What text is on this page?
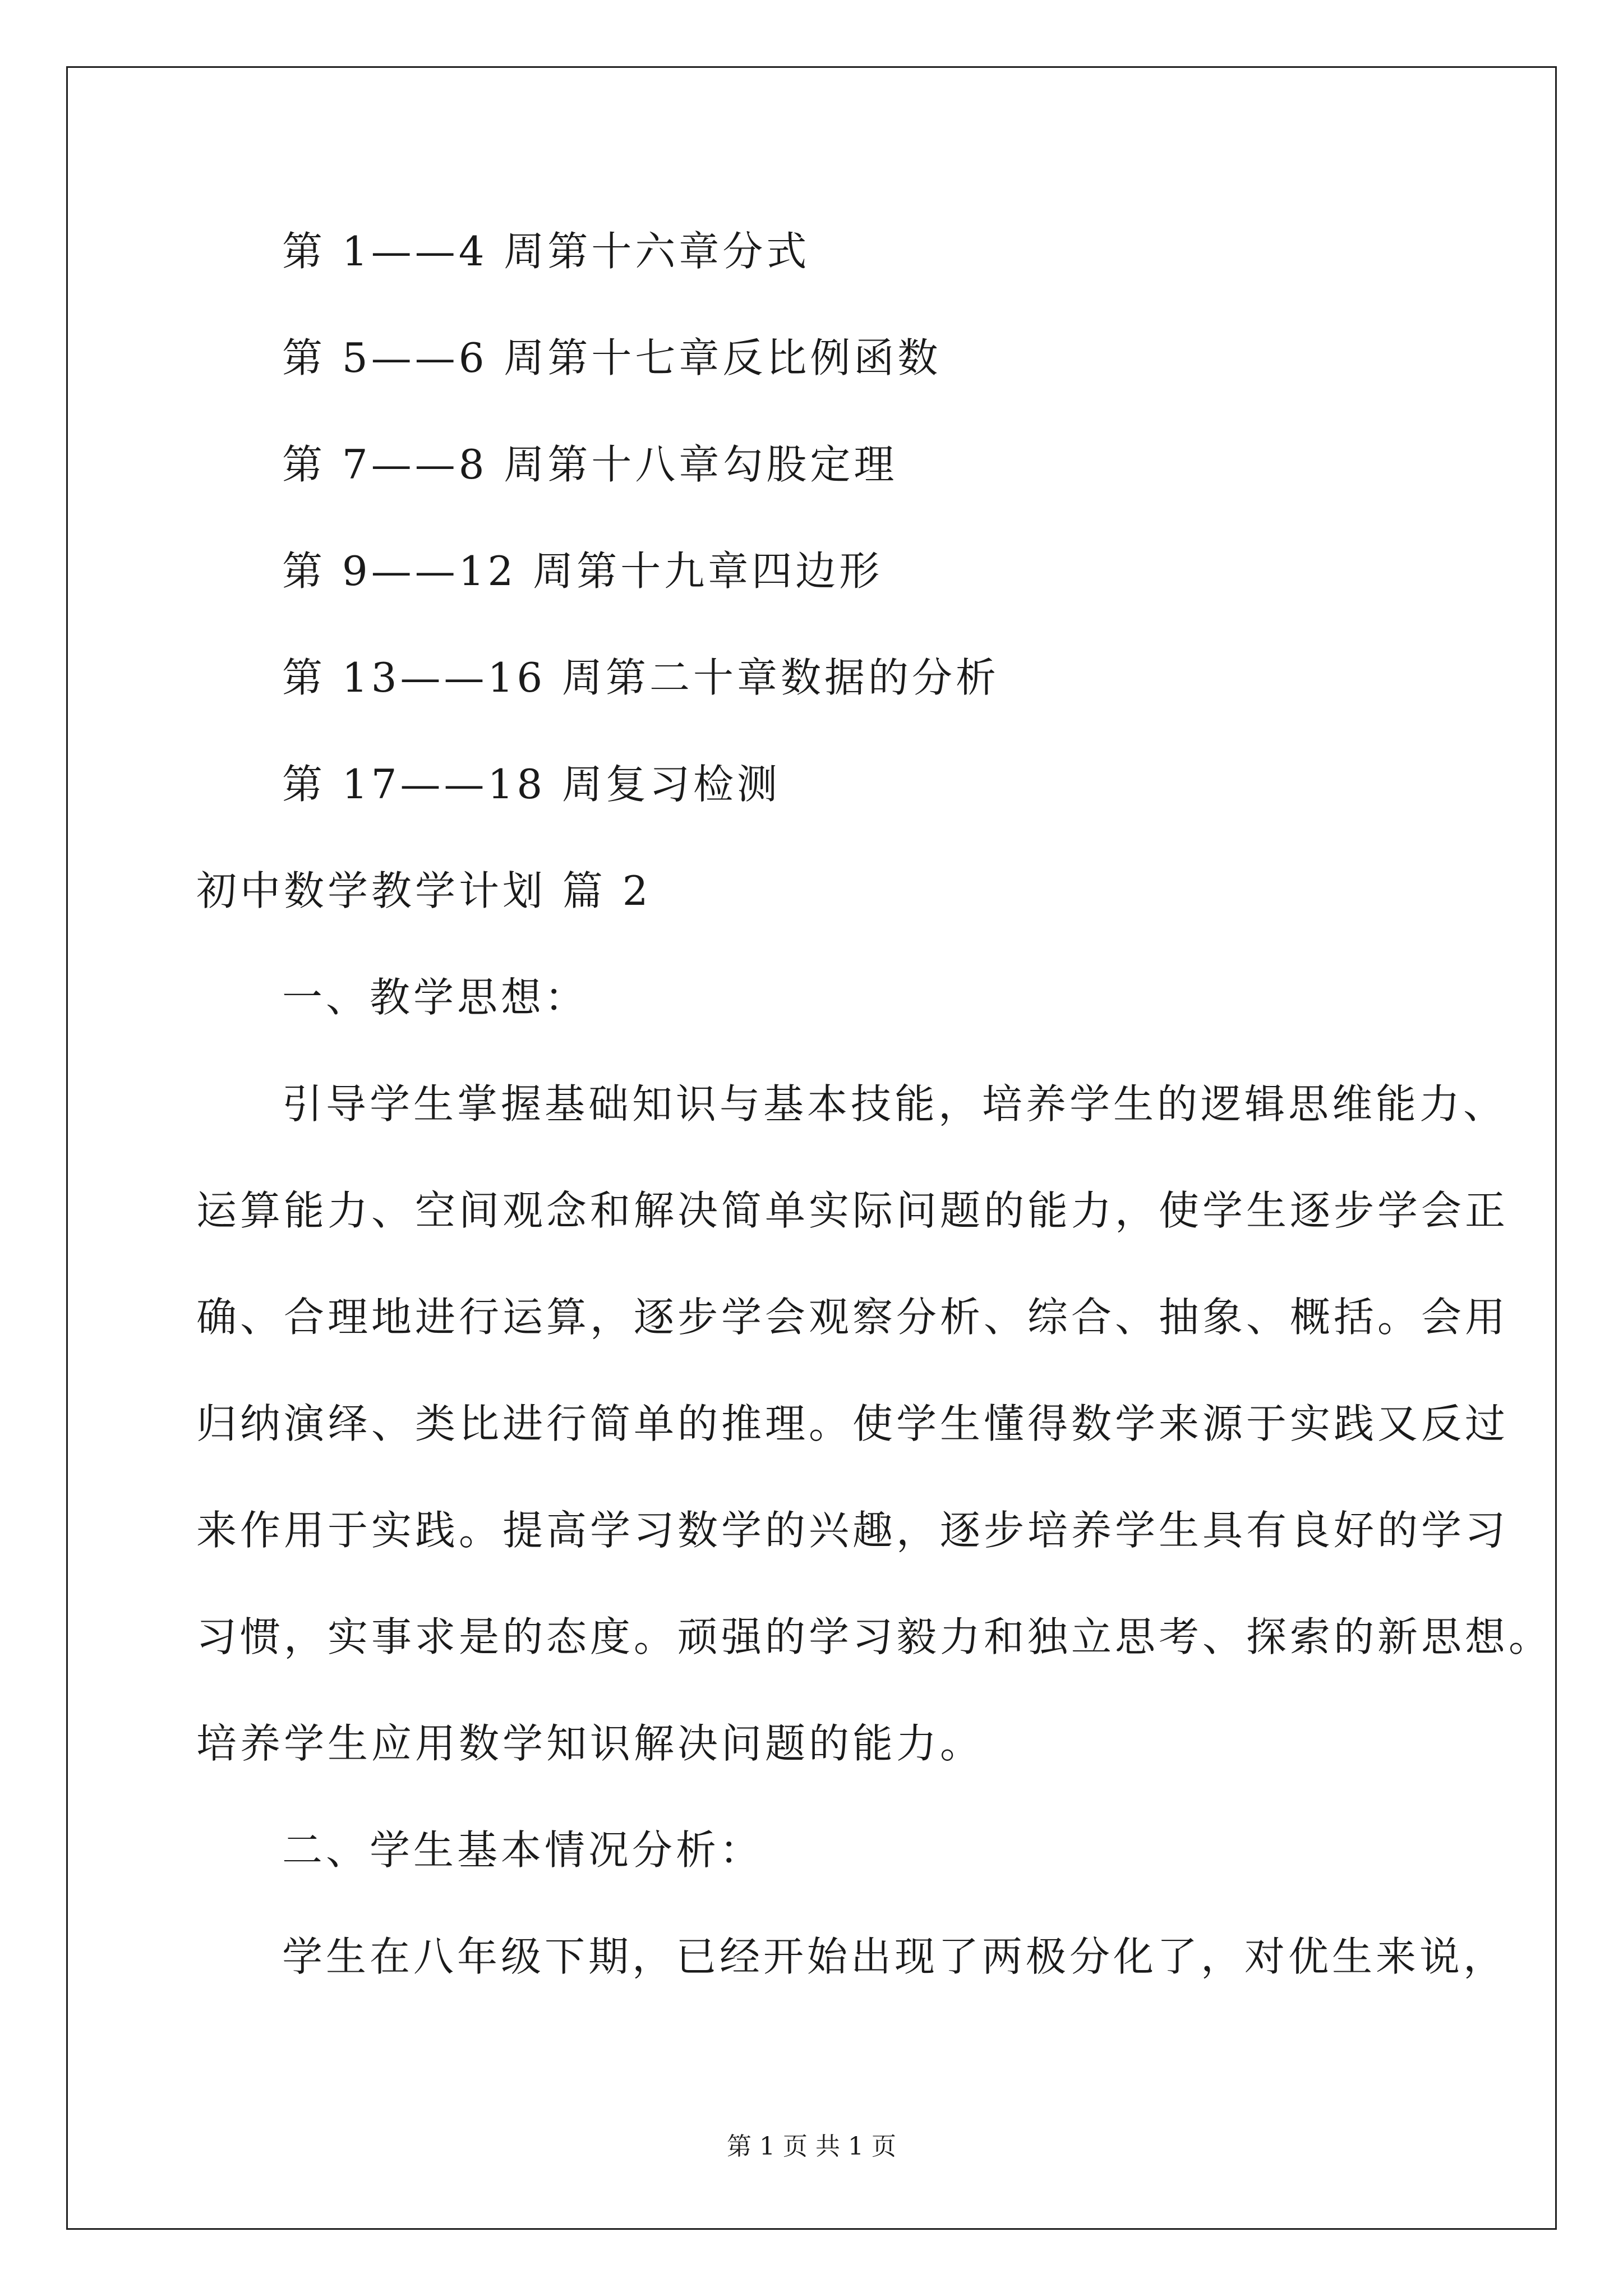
第 1——4 周第十六章分式
第 5——6 周第十七章反比例函数
第 7——8 周第十八章勾股定理
第 9——12 周第十九章四边形
第 13——16 周第二十章数据的分析
第 17——18 周复习检测
初中数学教学计划 篇 2
一、教学思想：
引导学生掌握基础知识与基本技能，培养学生的逻辑思维能力、
运算能力、空间观念和解决简单实际问题的能力，使学生逐步学会正
确、合理地进行运算，逐步学会观察分析、综合、抽象、概括。会用
归纳演绎、类比进行简单的推理。使学生懂得数学来源于实践又反过
来作用于实践。提高学习数学的兴趣，逐步培养学生具有良好的学习
习惯，实事求是的态度。顽强的学习毅力和独立思考、探索的新思想。
培养学生应用数学知识解决问题的能力。
二、学生基本情况分析：
学生在八年级下期，已经开始出现了两极分化了，对优生来说，
第 1 页 共 1 页
